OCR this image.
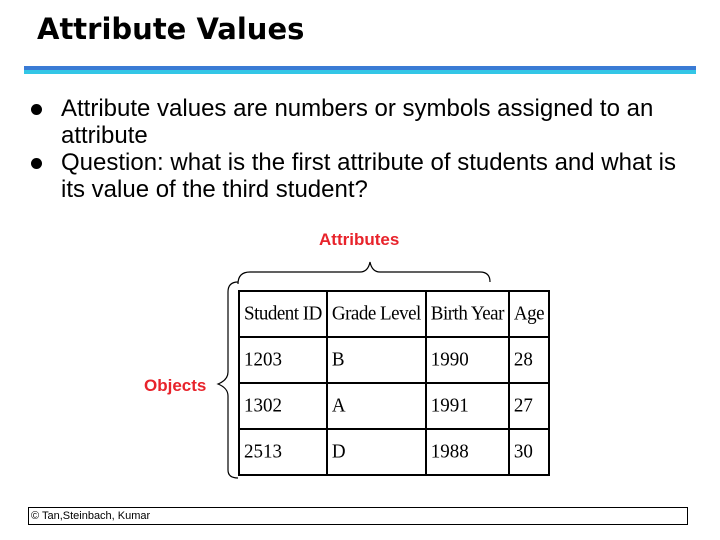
Attribute Values
Attribute values are numbers or symbols assigned to an attribute
Question: what is the first attribute of students and what is its value of the third student?
Attributes
Objects
Student ID	Grade Level	Birth Year	Age
1203	B	1990	28
1302	A	1991	27
2513	D	1988	30
© Tan,Steinbach, Kumar
